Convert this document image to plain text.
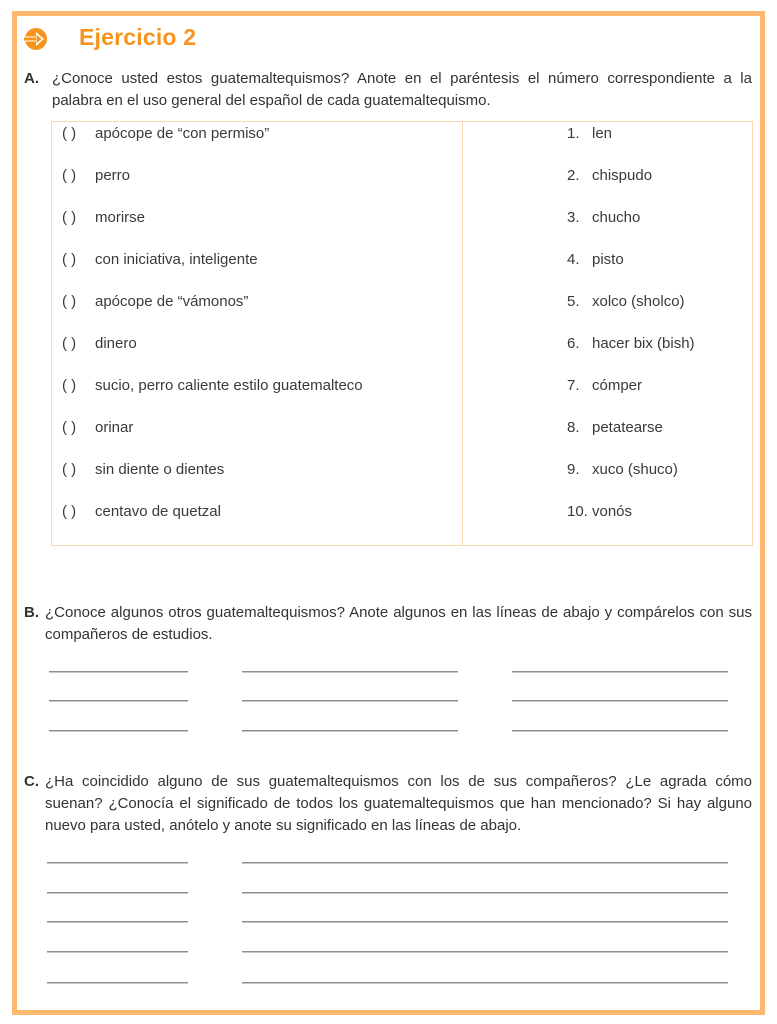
Ejercicio 2
A. ¿Conoce usted estos guatemaltequismos? Anote en el paréntesis el número correspondiente a la palabra en el uso general del español de cada guatemaltequismo.
( ) apócope de “con permiso”
( ) perro
( ) morirse
( ) con iniciativa, inteligente
( ) apócope de “vámonos”
( ) dinero
( ) sucio, perro caliente estilo guatemalteco
( ) orinar
( ) sin diente o dientes
( ) centavo de quetzal
1. len
2. chispudo
3. chucho
4. pisto
5. xolco (sholco)
6. hacer bix (bish)
7. cómper
8. petatearse
9. xuco (shuco)
10. vonós
B. ¿Conoce algunos otros guatemaltequismos? Anote algunos en las líneas de abajo y compárelos con sus compañeros de estudios.
C. ¿Ha coincidido alguno de sus guatemaltequismos con los de sus compañeros? ¿Le agrada cómo suenan? ¿Conocía el significado de todos los guatemaltequismos que han mencionado? Si hay alguno nuevo para usted, anótelo y anote su significado en las líneas de abajo.
